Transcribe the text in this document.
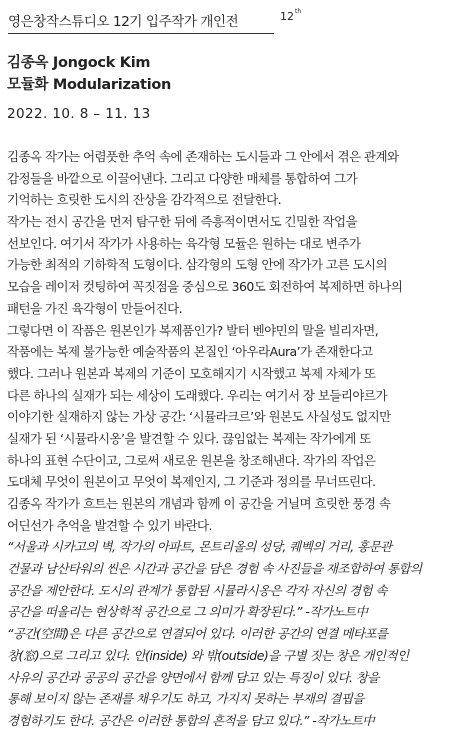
영은창작스튜디오 12기 입주작가 개인전	12th

김종옥 Jongock Kim

모듈화 Modularization

2022. 10. 8 – 11. 13
김종옥 작가는 어렴풋한 추억 속에 존재하는 도시들과 그 안에서 겪은 관계와
감정들을 바깥으로 이끌어낸다. 그리고 다양한 매체를 통합하여 그가
기억하는 흐릿한 도시의 잔상을 감각적으로 전달한다.
작가는 전시 공간을 먼저 탐구한 뒤에 즉흥적이면서도 긴밀한 작업을
선보인다. 여기서 작가가 사용하는 육각형 모듈은 원하는 대로 변주가
가능한 최적의 기하학적 도형이다. 삼각형의 도형 안에 작가가 고른 도시의
모습을 레이저 컷팅하여 꼭짓점을 중심으로 360도 회전하여 복제하면 하나의
패턴을 가진 육각형이 만들어진다.
그렇다면 이 작품은 원본인가 복제품인가? 발터 벤야민의 말을 빌리자면,
작품에는 복제 불가능한 예술작품의 본질인 ‘아우라Aura’가 존재한다고
했다. 그러나 원본과 복제의 기준이 모호해지기 시작했고 복제 자체가 또
다른 하나의 실재가 되는 세상이 도래했다. 우리는 여기서 장 보들리야르가
이야기한 실재하지 않는 가상 공간: ‘시뮬라크르’와 원본도 사실성도 없지만
실재가 된 ‘시뮬라시옹’을 발견할 수 있다. 끊임없는 복제는 작가에게 또
하나의 표현 수단이고, 그로써 새로운 원본을 창조해낸다. 작가의 작업은
도대체 무엇이 원본이고 무엇이 복제인지, 그 기준과 정의를 무너뜨린다.
김종옥 작가가 흐트는 원본의 개념과 함께 이 공간을 거닐며 흐릿한 풍경 속
어딘선가 추억을 발견할 수 있기 바란다.
“서울과 시카고의 벽, 작가의 아파트, 몬트리올의 성당, 퀘벡의 거리, 홍문관
건물과 남산타워의 씬은 시간과 공간을 담은 경험 속 사진들을 재조합하여 통합의
공간을 제안한다. 도시의 관계가 통합된 시뮬라시옹은 각자 자신의 경험 속
공간을 떠올리는 현상학적 공간으로 그 의미가 확장된다.” -작가노트中
“공간(空間)은 다른 공간으로 연결되어 있다. 이러한 공간의 연결 메타포를
창(窓)으로 그리고 있다. 안(inside) 와 밖(outside)을 구별 짓는 창은 개인적인
사유의 공간과 공공의 공간을 양면에서 함께 담고 있는 특징이 있다. 창을
통해 보이지 않는 존재를 채우기도 하고, 가지지 못하는 부재의 결핍을
경험하기도 한다. 공간은 이러한 통합의 흔적을 담고 있다.” -작가노트中
